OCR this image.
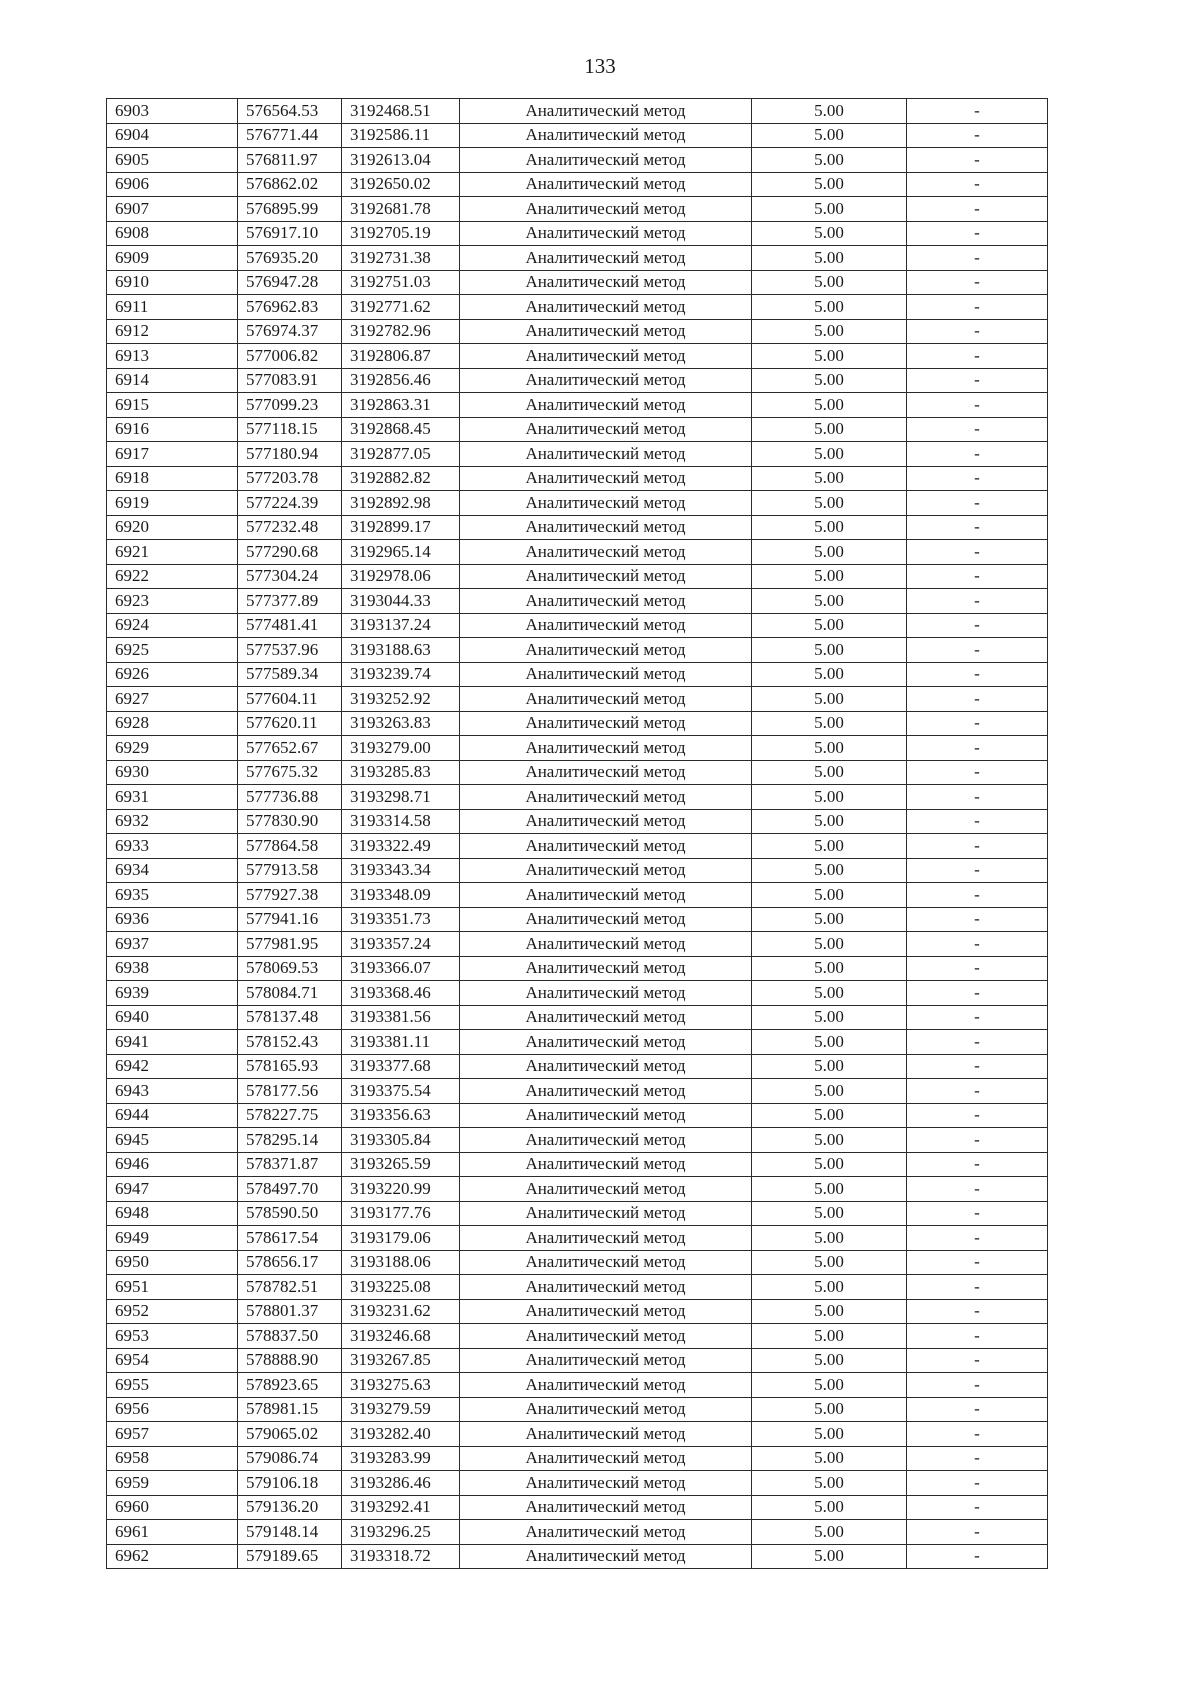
133
6903	576564.53	3192468.51	Аналитический метод	5.00	-
6904	576771.44	3192586.11	Аналитический метод	5.00	-
6905	576811.97	3192613.04	Аналитический метод	5.00	-
6906	576862.02	3192650.02	Аналитический метод	5.00	-
6907	576895.99	3192681.78	Аналитический метод	5.00	-
6908	576917.10	3192705.19	Аналитический метод	5.00	-
6909	576935.20	3192731.38	Аналитический метод	5.00	-
6910	576947.28	3192751.03	Аналитический метод	5.00	-
6911	576962.83	3192771.62	Аналитический метод	5.00	-
6912	576974.37	3192782.96	Аналитический метод	5.00	-
6913	577006.82	3192806.87	Аналитический метод	5.00	-
6914	577083.91	3192856.46	Аналитический метод	5.00	-
6915	577099.23	3192863.31	Аналитический метод	5.00	-
6916	577118.15	3192868.45	Аналитический метод	5.00	-
6917	577180.94	3192877.05	Аналитический метод	5.00	-
6918	577203.78	3192882.82	Аналитический метод	5.00	-
6919	577224.39	3192892.98	Аналитический метод	5.00	-
6920	577232.48	3192899.17	Аналитический метод	5.00	-
6921	577290.68	3192965.14	Аналитический метод	5.00	-
6922	577304.24	3192978.06	Аналитический метод	5.00	-
6923	577377.89	3193044.33	Аналитический метод	5.00	-
6924	577481.41	3193137.24	Аналитический метод	5.00	-
6925	577537.96	3193188.63	Аналитический метод	5.00	-
6926	577589.34	3193239.74	Аналитический метод	5.00	-
6927	577604.11	3193252.92	Аналитический метод	5.00	-
6928	577620.11	3193263.83	Аналитический метод	5.00	-
6929	577652.67	3193279.00	Аналитический метод	5.00	-
6930	577675.32	3193285.83	Аналитический метод	5.00	-
6931	577736.88	3193298.71	Аналитический метод	5.00	-
6932	577830.90	3193314.58	Аналитический метод	5.00	-
6933	577864.58	3193322.49	Аналитический метод	5.00	-
6934	577913.58	3193343.34	Аналитический метод	5.00	-
6935	577927.38	3193348.09	Аналитический метод	5.00	-
6936	577941.16	3193351.73	Аналитический метод	5.00	-
6937	577981.95	3193357.24	Аналитический метод	5.00	-
6938	578069.53	3193366.07	Аналитический метод	5.00	-
6939	578084.71	3193368.46	Аналитический метод	5.00	-
6940	578137.48	3193381.56	Аналитический метод	5.00	-
6941	578152.43	3193381.11	Аналитический метод	5.00	-
6942	578165.93	3193377.68	Аналитический метод	5.00	-
6943	578177.56	3193375.54	Аналитический метод	5.00	-
6944	578227.75	3193356.63	Аналитический метод	5.00	-
6945	578295.14	3193305.84	Аналитический метод	5.00	-
6946	578371.87	3193265.59	Аналитический метод	5.00	-
6947	578497.70	3193220.99	Аналитический метод	5.00	-
6948	578590.50	3193177.76	Аналитический метод	5.00	-
6949	578617.54	3193179.06	Аналитический метод	5.00	-
6950	578656.17	3193188.06	Аналитический метод	5.00	-
6951	578782.51	3193225.08	Аналитический метод	5.00	-
6952	578801.37	3193231.62	Аналитический метод	5.00	-
6953	578837.50	3193246.68	Аналитический метод	5.00	-
6954	578888.90	3193267.85	Аналитический метод	5.00	-
6955	578923.65	3193275.63	Аналитический метод	5.00	-
6956	578981.15	3193279.59	Аналитический метод	5.00	-
6957	579065.02	3193282.40	Аналитический метод	5.00	-
6958	579086.74	3193283.99	Аналитический метод	5.00	-
6959	579106.18	3193286.46	Аналитический метод	5.00	-
6960	579136.20	3193292.41	Аналитический метод	5.00	-
6961	579148.14	3193296.25	Аналитический метод	5.00	-
6962	579189.65	3193318.72	Аналитический метод	5.00	-
